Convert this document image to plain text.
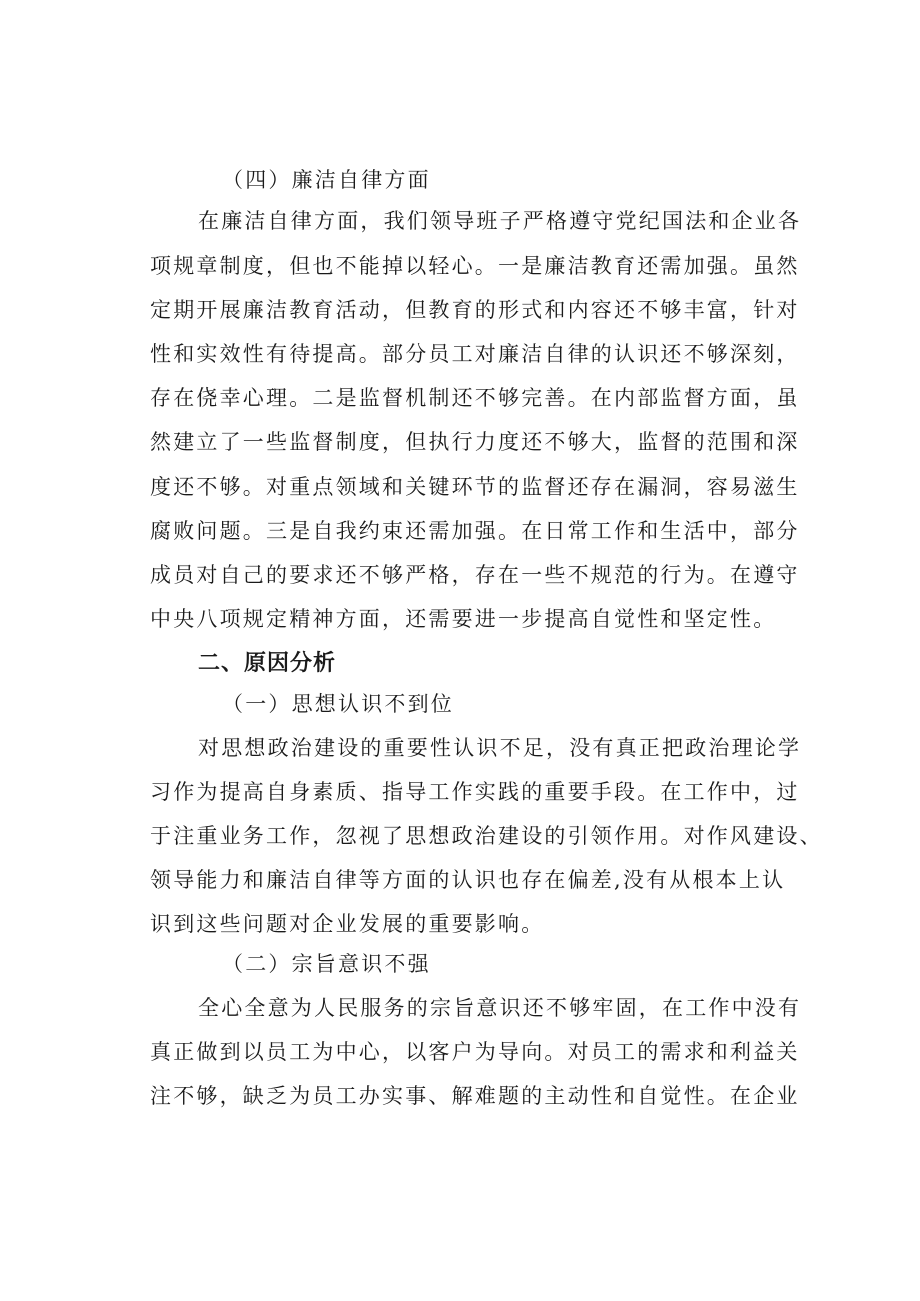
（四）廉洁自律方面
在廉洁自律方面，我们领导班子严格遵守党纪国法和企业各
项规章制度，但也不能掉以轻心。一是廉洁教育还需加强。虽然
定期开展廉洁教育活动，但教育的形式和内容还不够丰富，针对
性和实效性有待提高。部分员工对廉洁自律的认识还不够深刻，
存在侥幸心理。二是监督机制还不够完善。在内部监督方面，虽
然建立了一些监督制度，但执行力度还不够大，监督的范围和深
度还不够。对重点领域和关键环节的监督还存在漏洞，容易滋生
腐败问题。三是自我约束还需加强。在日常工作和生活中，部分
成员对自己的要求还不够严格，存在一些不规范的行为。在遵守
中央八项规定精神方面，还需要进一步提高自觉性和坚定性。
二、原因分析
（一）思想认识不到位
对思想政治建设的重要性认识不足，没有真正把政治理论学
习作为提高自身素质、指导工作实践的重要手段。在工作中，过
于注重业务工作，忽视了思想政治建设的引领作用。对作风建设、
领导能力和廉洁自律等方面的认识也存在偏差,没有从根本上认
识到这些问题对企业发展的重要影响。
（二）宗旨意识不强
全心全意为人民服务的宗旨意识还不够牢固，在工作中没有
真正做到以员工为中心，以客户为导向。对员工的需求和利益关
注不够，缺乏为员工办实事、解难题的主动性和自觉性。在企业
